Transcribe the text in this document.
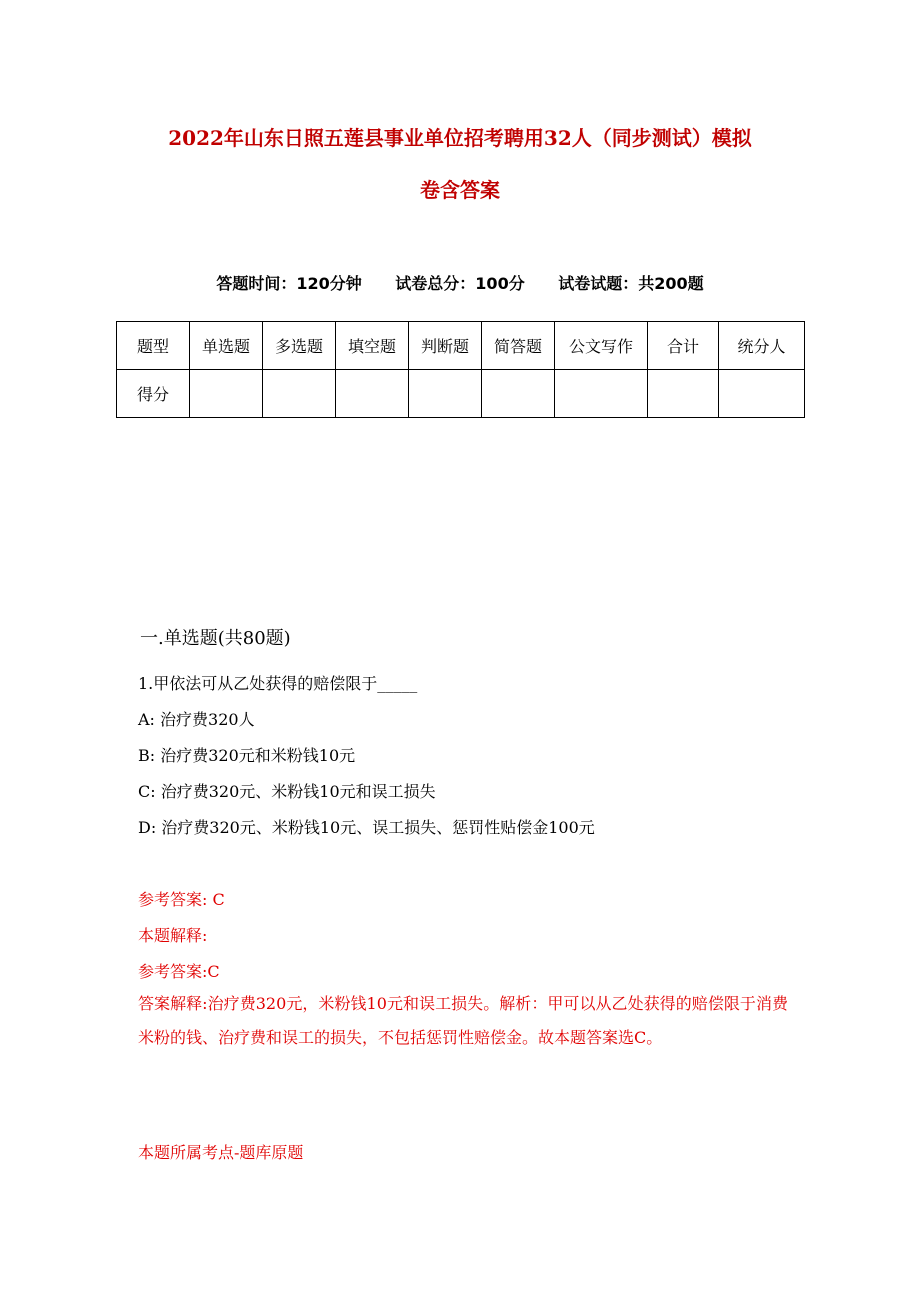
2022年山东日照五莲县事业单位招考聘用32人（同步测试）模拟
卷含答案
答题时间：120分钟 试卷总分：100分 试卷试题：共200题
题型	单选题	多选题	填空题	判断题	简答题	公文写作	合计	统分人
得分								
一.单选题(共80题)
1.甲依法可从乙处获得的赔偿限于_____
A: 治疗费320人
B: 治疗费320元和米粉钱10元
C: 治疗费320元、米粉钱10元和误工损失
D: 治疗费320元、米粉钱10元、误工损失、惩罚性贴偿金100元
参考答案: C
本题解释:
参考答案:C
答案解释:治疗费320元，米粉钱10元和误工损失。解析：甲可以从乙处获得的赔偿限于消费米粉的钱、治疗费和误工的损失，不包括惩罚性赔偿金。故本题答案选C。
本题所属考点-题库原题
